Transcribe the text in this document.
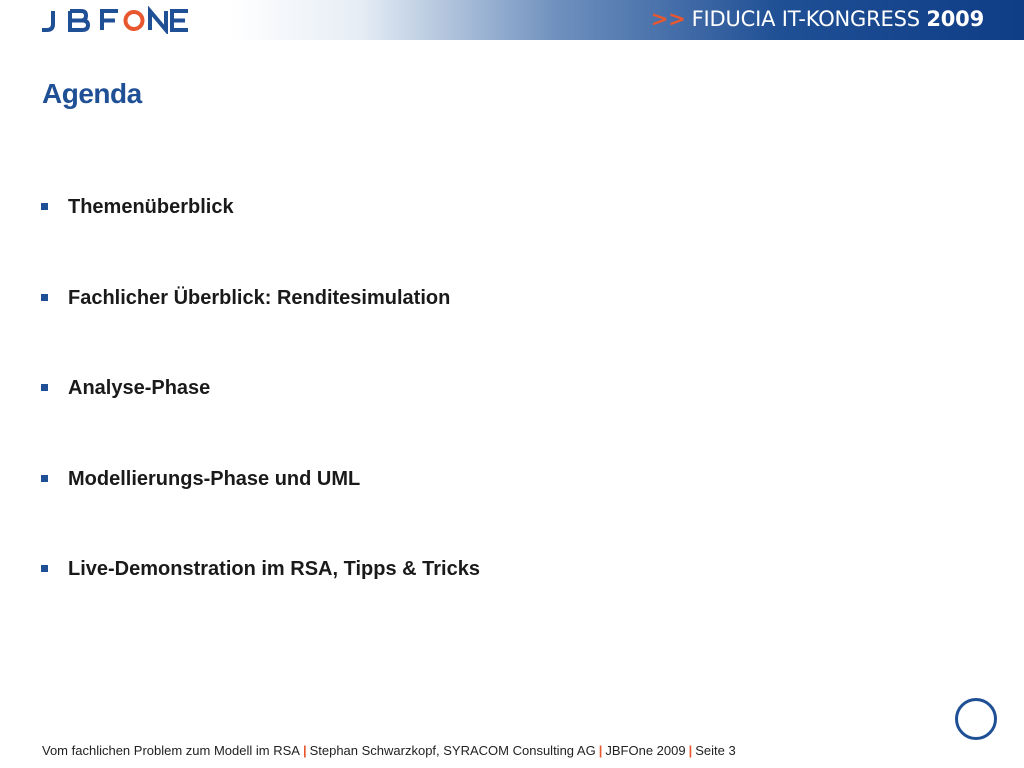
>> FIDUCIA IT-KONGRESS 2009
Agenda
Themenüberblick
Fachlicher Überblick: Renditesimulation
Analyse-Phase
Modellierungs-Phase und UML
Live-Demonstration im RSA, Tipps & Tricks
Vom fachlichen Problem zum Modell im RSA | Stephan Schwarzkopf, SYRACOM Consulting AG | JBFOne 2009 | Seite 3
